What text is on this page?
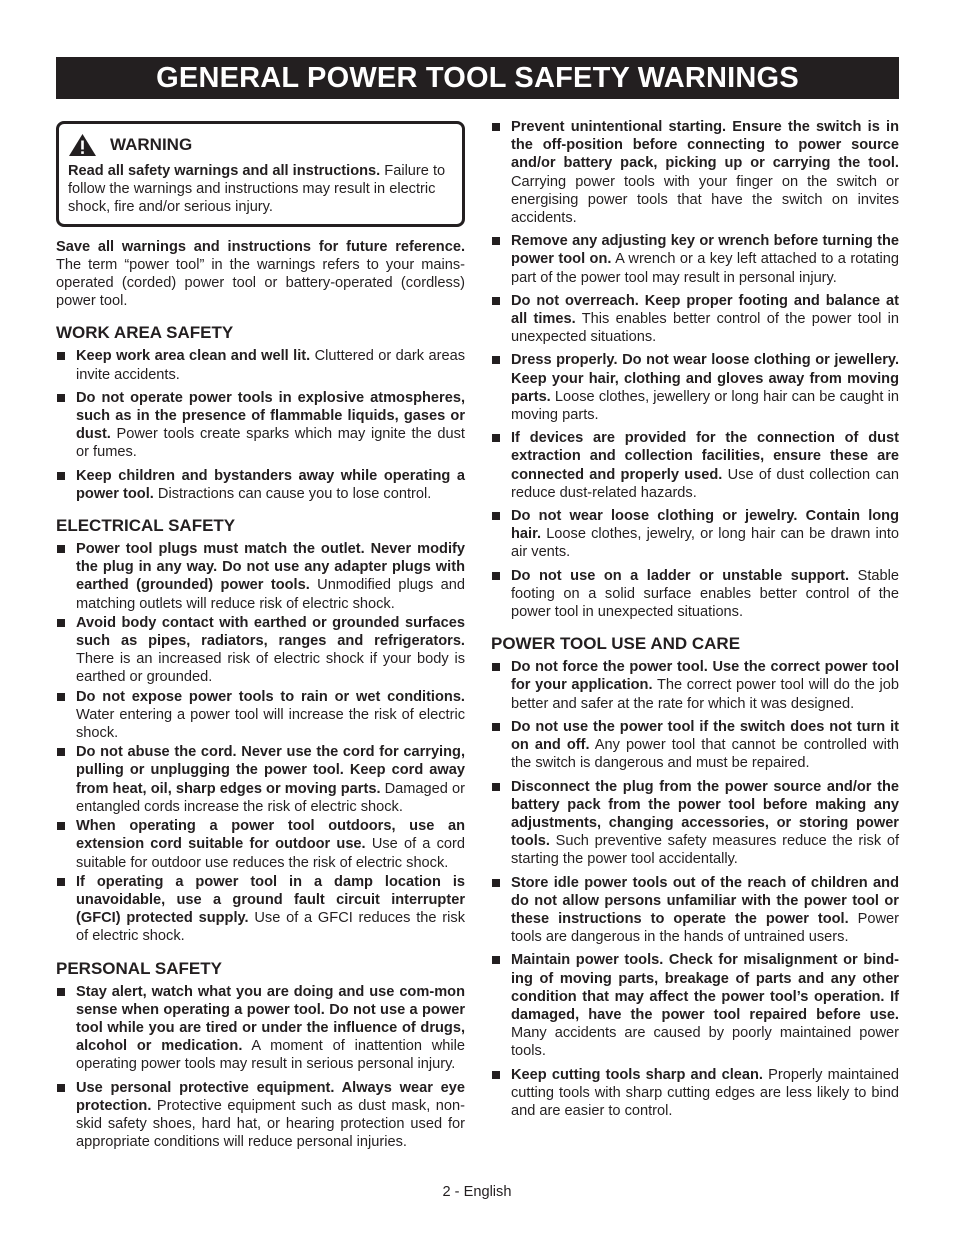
GENERAL POWER TOOL SAFETY WARNINGS
WARNING
Read all safety warnings and all instructions. Failure to follow the warnings and instructions may result in electric shock, fire and/or serious injury.
Save all warnings and instructions for future reference. The term “power tool” in the warnings refers to your mains-operated (corded) power tool or battery-operated (cordless) power tool.
WORK AREA SAFETY
Keep work area clean and well lit. Cluttered or dark areas invite accidents.
Do not operate power tools in explosive atmospheres, such as in the presence of flammable liquids, gases or dust. Power tools create sparks which may ignite the dust or fumes.
Keep children and bystanders away while operating a power tool. Distractions can cause you to lose control.
ELECTRICAL SAFETY
Power tool plugs must match the outlet. Never modify the plug in any way. Do not use any adapter plugs with earthed (grounded) power tools. Unmodified plugs and matching outlets will reduce risk of electric shock.
Avoid body contact with earthed or grounded surfaces such as pipes, radiators, ranges and refrigerators. There is an increased risk of electric shock if your body is earthed or grounded.
Do not expose power tools to rain or wet conditions. Water entering a power tool will increase the risk of electric shock.
Do not abuse the cord. Never use the cord for carrying, pulling or unplugging the power tool. Keep cord away from heat, oil, sharp edges or moving parts. Damaged or entangled cords increase the risk of electric shock.
When operating a power tool outdoors, use an extension cord suitable for outdoor use. Use of a cord suitable for outdoor use reduces the risk of electric shock.
If operating a power tool in a damp location is unavoidable, use a ground fault circuit interrupter (GFCI) protected supply. Use of a GFCI reduces the risk of electric shock.
PERSONAL SAFETY
Stay alert, watch what you are doing and use com-mon sense when operating a power tool. Do not use a power tool while you are tired or under the influence of drugs, alcohol or medication. A moment of inattention while operating power tools may result in serious personal injury.
Use personal protective equipment. Always wear eye protection. Protective equipment such as dust mask, non-skid safety shoes, hard hat, or hearing protection used for appropriate conditions will reduce personal injuries.
Prevent unintentional starting. Ensure the switch is in the off-position before connecting to power source and/or battery pack, picking up or carrying the tool. Carrying power tools with your finger on the switch or energising power tools that have the switch on invites accidents.
Remove any adjusting key or wrench before turning the power tool on. A wrench or a key left attached to a rotating part of the power tool may result in personal injury.
Do not overreach. Keep proper footing and balance at all times. This enables better control of the power tool in unexpected situations.
Dress properly. Do not wear loose clothing or jewellery. Keep your hair, clothing and gloves away from moving parts. Loose clothes, jewellery or long hair can be caught in moving parts.
If devices are provided for the connection of dust extraction and collection facilities, ensure these are connected and properly used. Use of dust collection can reduce dust-related hazards.
Do not wear loose clothing or jewelry. Contain long hair. Loose clothes, jewelry, or long hair can be drawn into air vents.
Do not use on a ladder or unstable support. Stable footing on a solid surface enables better control of the power tool in unexpected situations.
POWER TOOL USE AND CARE
Do not force the power tool. Use the correct power tool for your application. The correct power tool will do the job better and safer at the rate for which it was designed.
Do not use the power tool if the switch does not turn it on and off. Any power tool that cannot be controlled with the switch is dangerous and must be repaired.
Disconnect the plug from the power source and/or the battery pack from the power tool before making any adjustments, changing accessories, or storing power tools. Such preventive safety measures reduce the risk of starting the power tool accidentally.
Store idle power tools out of the reach of children and do not allow persons unfamiliar with the power tool or these instructions to operate the power tool. Power tools are dangerous in the hands of untrained users.
Maintain power tools. Check for misalignment or bind-ing of moving parts, breakage of parts and any other condition that may affect the power tool’s operation. If damaged, have the power tool repaired before use. Many accidents are caused by poorly maintained power tools.
Keep cutting tools sharp and clean. Properly maintained cutting tools with sharp cutting edges are less likely to bind and are easier to control.
2 - English
